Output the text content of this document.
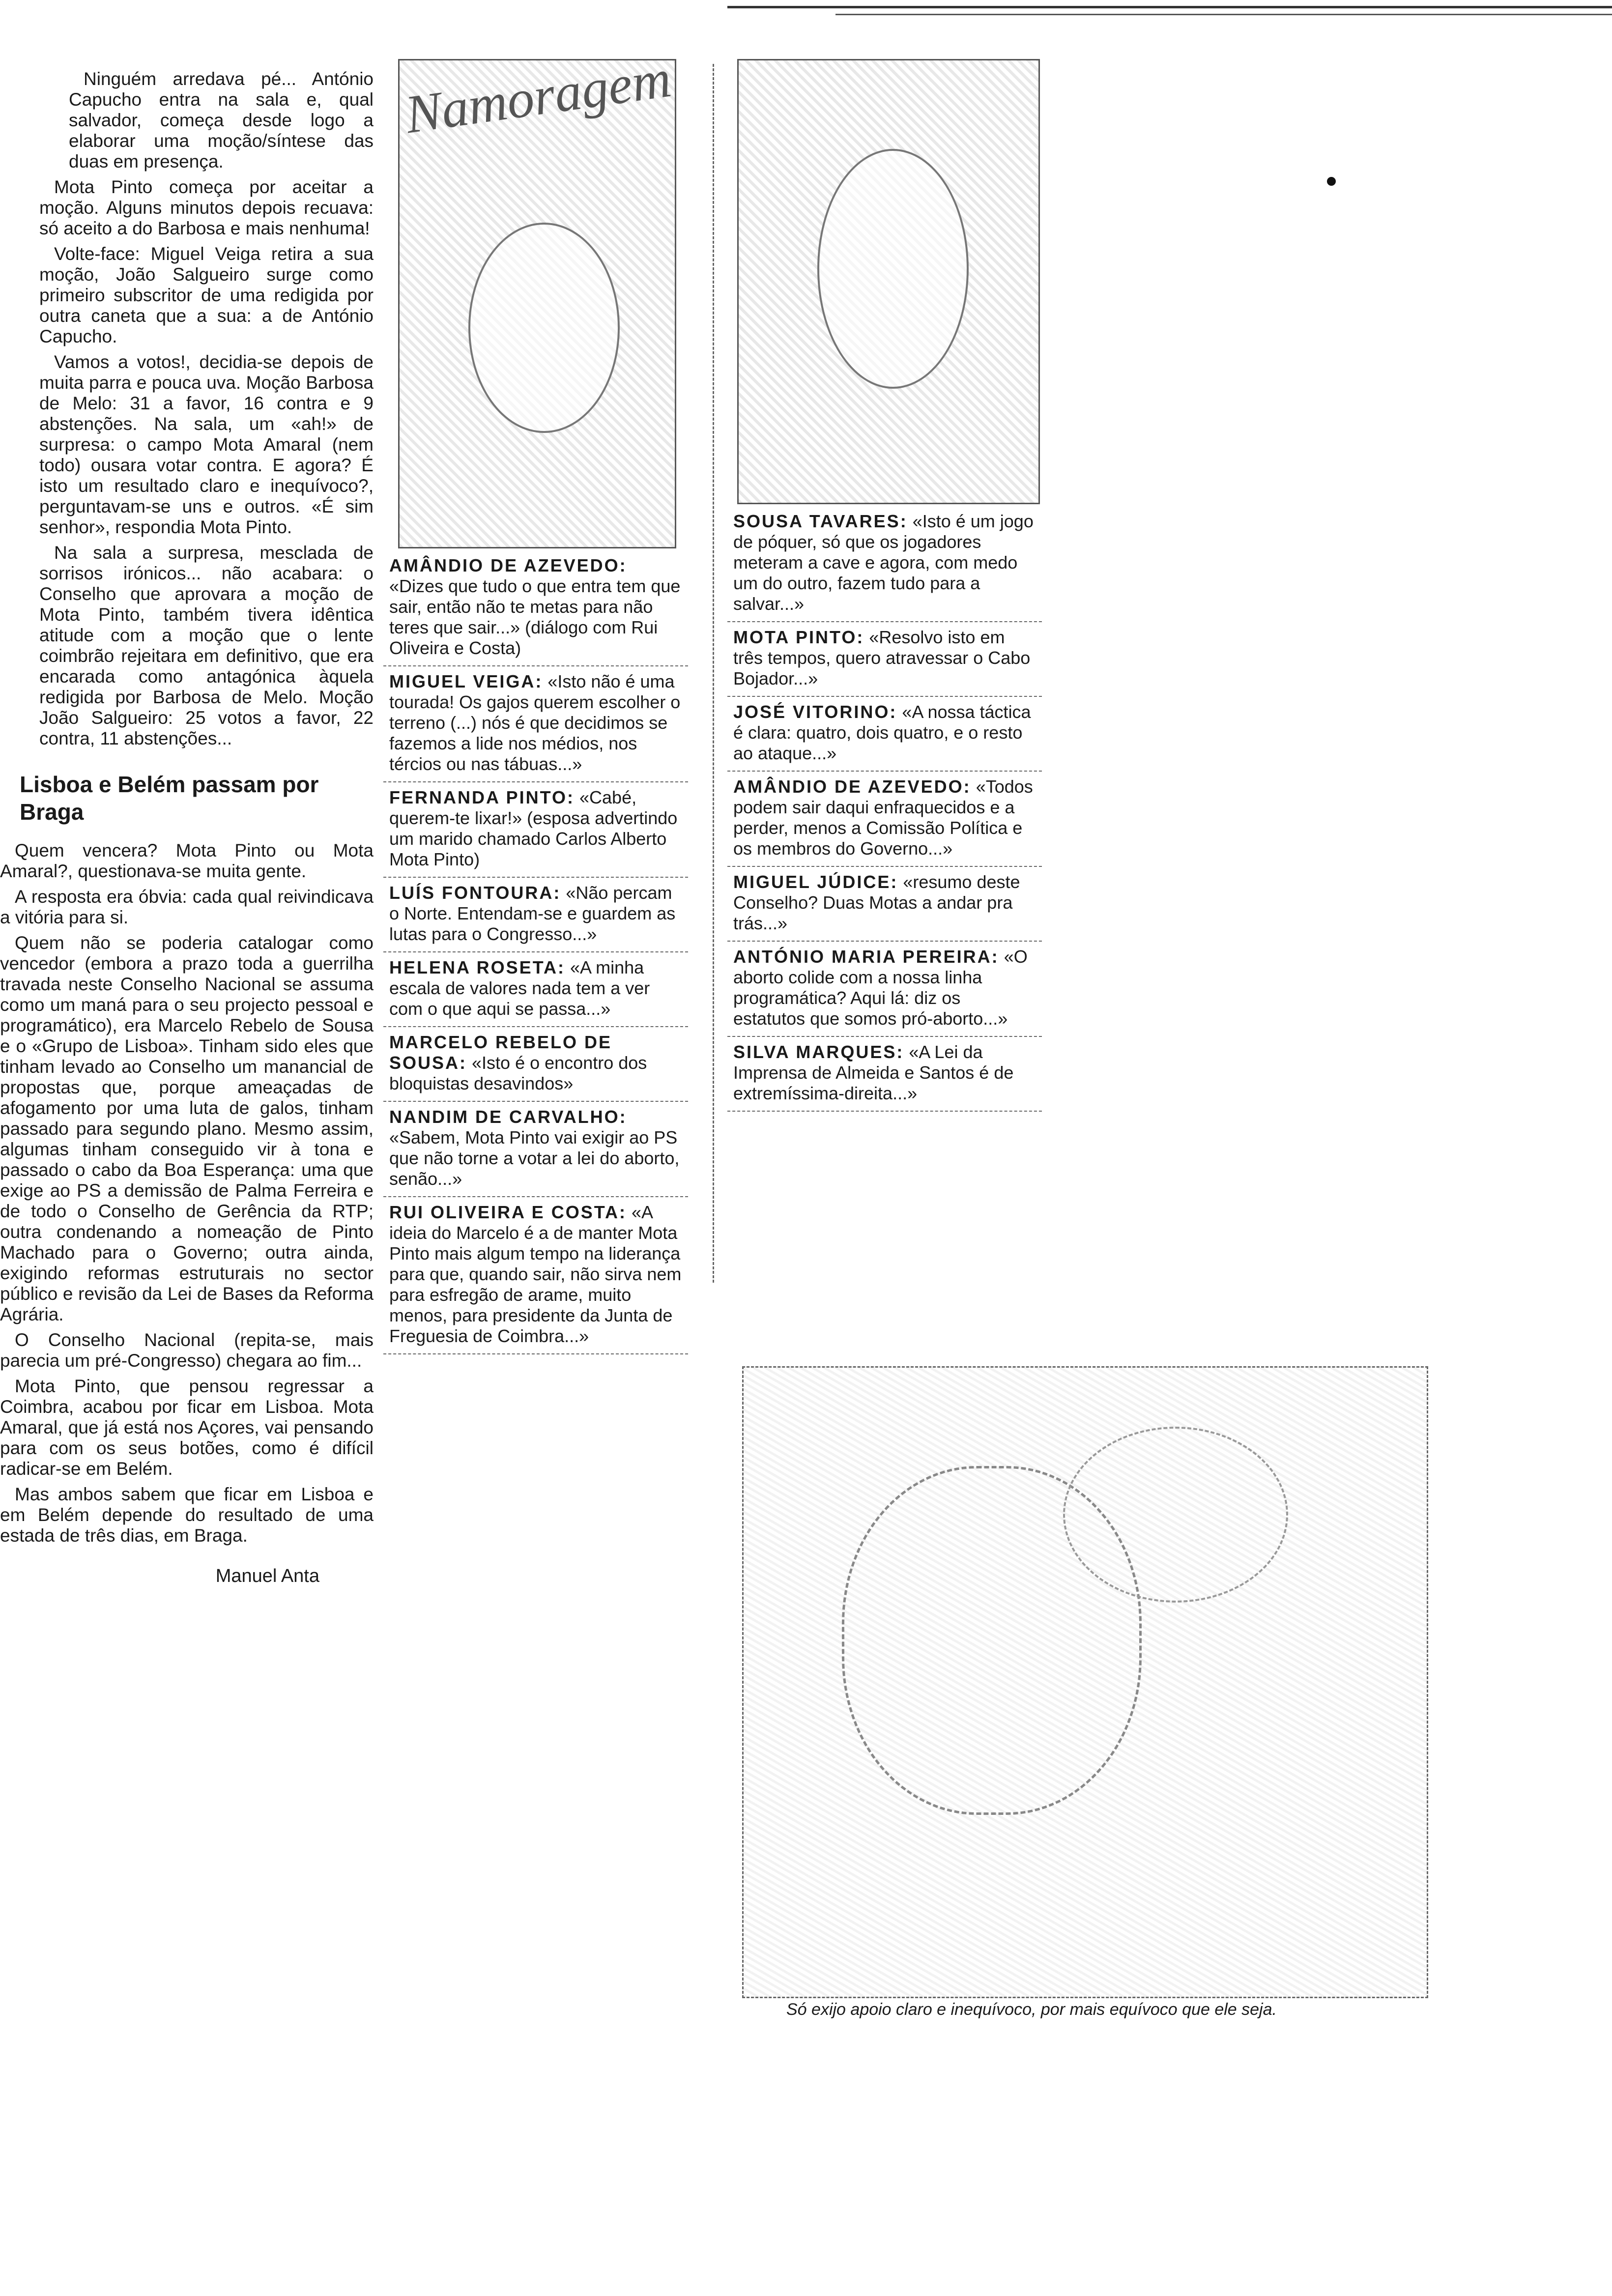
Ninguém arredava pé... António Capucho entra na sala e, qual salvador, começa desde logo a elaborar uma moção/síntese das duas em presença.

Mota Pinto começa por aceitar a moção. Alguns minutos depois recuava: só aceito a do Barbosa e mais nenhuma!

Volte-face: Miguel Veiga retira a sua moção, João Salgueiro surge como primeiro subscritor de uma redigida por outra caneta que a sua: a de António Capucho.

Vamos a votos!, decidia-se depois de muita parra e pouca uva. Moção Barbosa de Melo: 31 a favor, 16 contra e 9 abstenções. Na sala, um «ah!» de surpresa: o campo Mota Amaral (nem todo) ousara votar contra. E agora? É isto um resultado claro e inequívoco?, perguntavam-se uns e outros. «É sim senhor», respondia Mota Pinto.

Na sala a surpresa, mesclada de sorrisos irónicos... não acabara: o Conselho que aprovara a moção de Mota Pinto, também tivera idêntica atitude com a moção que o lente coimbrão rejeitara em definitivo, que era encarada como antagónica àquela redigida por Barbosa de Melo. Moção João Salgueiro: 25 votos a favor, 22 contra, 11 abstenções...

Lisboa e Belém passam por Braga

Quem vencera? Mota Pinto ou Mota Amaral?, questionava-se muita gente.

A resposta era óbvia: cada qual reivindicava a vitória para si.

Quem não se poderia catalogar como vencedor (embora a prazo toda a guerrilha travada neste Conselho Nacional se assuma como um maná para o seu projecto pessoal e programático), era Marcelo Rebelo de Sousa e o «Grupo de Lisboa». Tinham sido eles que tinham levado ao Conselho um manancial de propostas que, porque ameaçadas de afogamento por uma luta de galos, tinham passado para segundo plano. Mesmo assim, algumas tinham conseguido vir à tona e passado o cabo da Boa Esperança: uma que exige ao PS a demissão de Palma Ferreira e de todo o Conselho de Gerência da RTP; outra condenando a nomeação de Pinto Machado para o Governo; outra ainda, exigindo reformas estruturais no sector público e revisão da Lei de Bases da Reforma Agrária.

O Conselho Nacional (repita-se, mais parecia um pré-Congresso) chegara ao fim...

Mota Pinto, que pensou regressar a Coimbra, acabou por ficar em Lisboa. Mota Amaral, que já está nos Açores, vai pensando para com os seus botões, como é difícil radicar-se em Belém.

Mas ambos sabem que ficar em Lisboa e em Belém depende do resultado de uma estada de três dias, em Braga.

Manuel Anta
Namoragem
AMÂNDIO DE AZEVEDO: «Dizes que tudo o que entra tem que sair, então não te metas para não teres que sair...» (diálogo com Rui Oliveira e Costa)
MIGUEL VEIGA: «Isto não é uma tourada! Os gajos querem escolher o terreno (...) nós é que decidimos se fazemos a lide nos médios, nos tércios ou nas tábuas...»
FERNANDA PINTO: «Cabé, querem-te lixar!» (esposa advertindo um marido chamado Carlos Alberto Mota Pinto)
LUÍS FONTOURA: «Não percam o Norte. Entendam-se e guardem as lutas para o Congresso...»
HELENA ROSETA: «A minha escala de valores nada tem a ver com o que aqui se passa...»
MARCELO REBELO DE SOUSA: «Isto é o encontro dos bloquistas desavindos»
NANDIM DE CARVALHO: «Sabem, Mota Pinto vai exigir ao PS que não torne a votar a lei do aborto, senão...»
RUI OLIVEIRA E COSTA: «A ideia do Marcelo é a de manter Mota Pinto mais algum tempo na liderança para que, quando sair, não sirva nem para esfregão de arame, muito menos, para presidente da Junta de Freguesia de Coimbra...»
SOUSA TAVARES: «Isto é um jogo de póquer, só que os jogadores meteram a cave e agora, com medo um do outro, fazem tudo para a salvar...»
MOTA PINTO: «Resolvo isto em três tempos, quero atravessar o Cabo Bojador...»
JOSÉ VITORINO: «A nossa táctica é clara: quatro, dois quatro, e o resto ao ataque...»
AMÂNDIO DE AZEVEDO: «Todos podem sair daqui enfraquecidos e a perder, menos a Comissão Política e os membros do Governo...»
MIGUEL JÚDICE: «resumo deste Conselho? Duas Motas a andar pra trás...»
ANTÓNIO MARIA PEREIRA: «O aborto colide com a nossa linha programática? Aqui lá: diz os estatutos que somos pró-aborto...»
SILVA MARQUES: «A Lei da Imprensa de Almeida e Santos é de extremíssima-direita...»
Só exijo apoio claro e inequívoco, por mais equívoco que ele seja.
